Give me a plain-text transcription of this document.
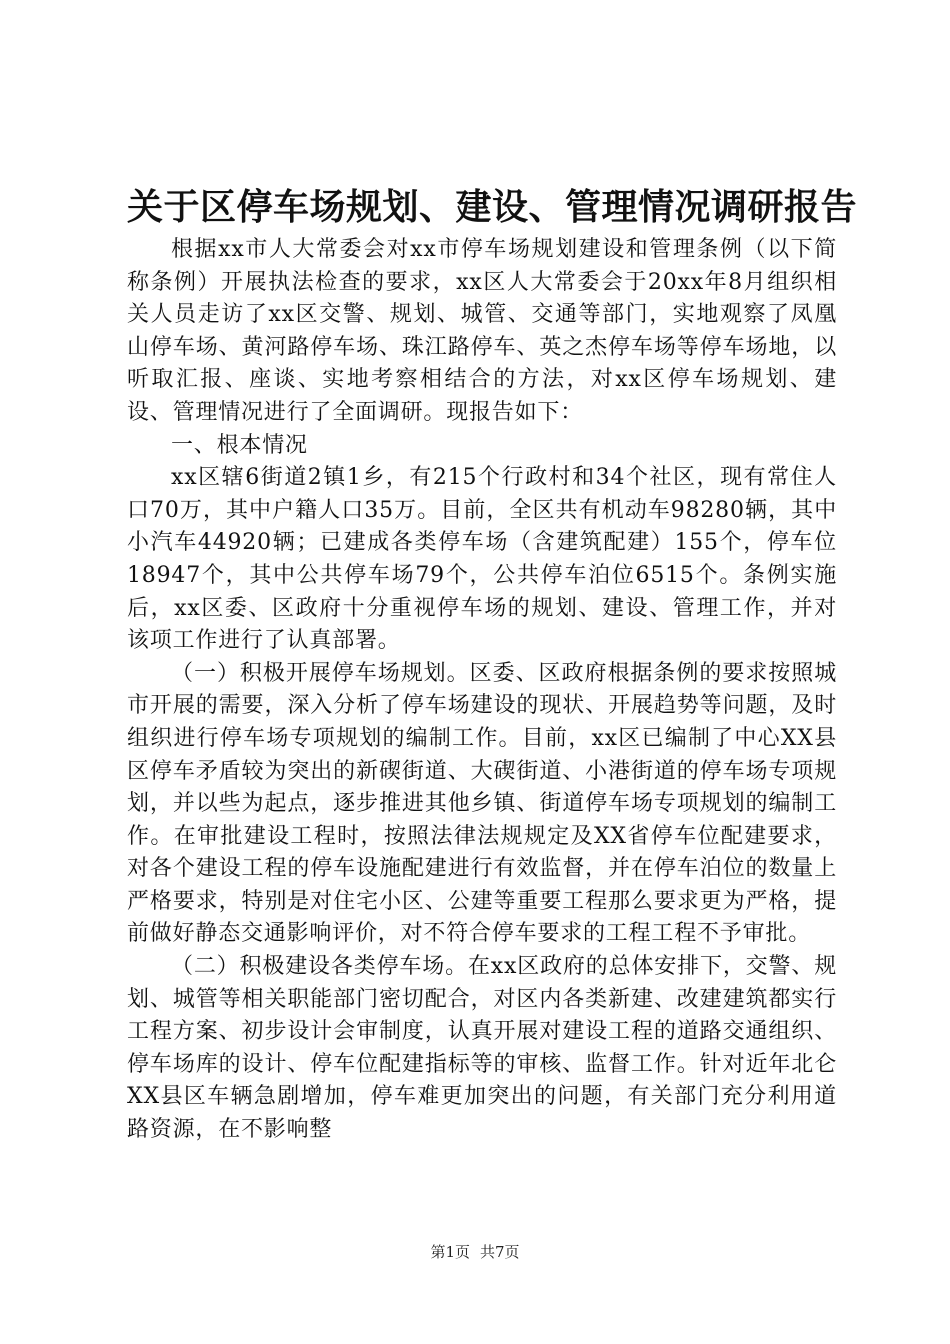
关于区停车场规划、建设、管理情况调研报告

根据xx市人大常委会对xx市停车场规划建设和管理条例（以下简称条例）开展执法检查的要求，xx区人大常委会于20xx年8月组织相关人员走访了xx区交警、规划、城管、交通等部门，实地观察了凤凰山停车场、黄河路停车场、珠江路停车、英之杰停车场等停车场地，以听取汇报、座谈、实地考察相结合的方法，对xx区停车场规划、建设、管理情况进行了全面调研。现报告如下：

一、根本情况

xx区辖6街道2镇1乡，有215个行政村和34个社区，现有常住人口70万，其中户籍人口35万。目前，全区共有机动车98280辆，其中小汽车44920辆；已建成各类停车场（含建筑配建）155个，停车位18947个，其中公共停车场79个，公共停车泊位6515个。条例实施后，xx区委、区政府十分重视停车场的规划、建设、管理工作，并对该项工作进行了认真部署。

（一）积极开展停车场规划。区委、区政府根据条例的要求按照城市开展的需要，深入分析了停车场建设的现状、开展趋势等问题，及时组织进行停车场专项规划的编制工作。目前，xx区已编制了中心XX县区停车矛盾较为突出的新碶街道、大碶街道、小港街道的停车场专项规划，并以些为起点，逐步推进其他乡镇、街道停车场专项规划的编制工作。在审批建设工程时，按照法律法规规定及XX省停车位配建要求，对各个建设工程的停车设施配建进行有效监督，并在停车泊位的数量上严格要求，特别是对住宅小区、公建等重要工程那么要求更为严格，提前做好静态交通影响评价，对不符合停车要求的工程工程不予审批。

（二）积极建设各类停车场。在xx区政府的总体安排下，交警、规划、城管等相关职能部门密切配合，对区内各类新建、改建建筑都实行工程方案、初步设计会审制度，认真开展对建设工程的道路交通组织、停车场库的设计、停车位配建指标等的审核、监督工作。针对近年北仑XX县区车辆急剧增加，停车难更加突出的问题，有关部门充分利用道路资源，在不影响整

第1页 共7页
